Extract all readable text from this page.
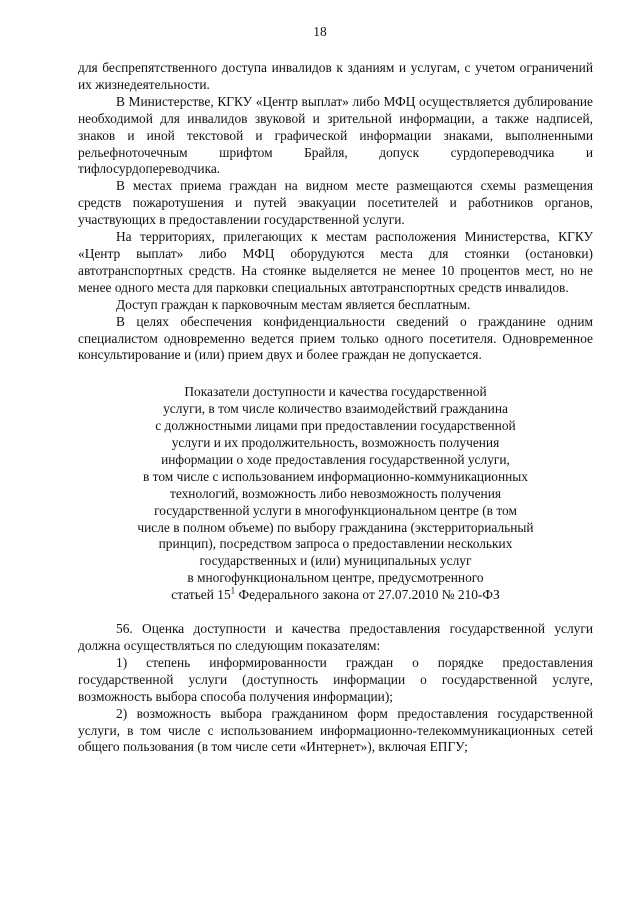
18

для беспрепятственного доступа инвалидов к зданиям и услугам, с учетом ограничений их жизнедеятельности.

В Министерстве, КГКУ «Центр выплат» либо МФЦ осуществляется дублирование необходимой для инвалидов звуковой и зрительной информации, а также надписей, знаков и иной текстовой и графической информации знаками, выполненными рельефноточечным шрифтом Брайля, допуск сурдопереводчика и тифлосурдопереводчика.

В местах приема граждан на видном месте размещаются схемы размещения средств пожаротушения и путей эвакуации посетителей и работников органов, участвующих в предоставлении государственной услуги.

На территориях, прилегающих к местам расположения Министерства, КГКУ «Центр выплат» либо МФЦ оборудуются места для стоянки (остановки) автотранспортных средств. На стоянке выделяется не менее 10 процентов мест, но не менее одного места для парковки специальных автотранспортных средств инвалидов.

Доступ граждан к парковочным местам является бесплатным.

В целях обеспечения конфиденциальности сведений о гражданине одним специалистом одновременно ведется прием только одного посетителя. Одновременное консультирование и (или) прием двух и более граждан не допускается.

Показатели доступности и качества государственной
услуги, в том числе количество взаимодействий гражданина
с должностными лицами при предоставлении государственной
услуги и их продолжительность, возможность получения
информации о ходе предоставления государственной услуги,
в том числе с использованием информационно-коммуникационных
технологий, возможность либо невозможность получения
государственной услуги в многофункциональном центре (в том
числе в полном объеме) по выбору гражданина (экстерриториальный
принцип), посредством запроса о предоставлении нескольких
государственных и (или) муниципальных услуг
в многофункциональном центре, предусмотренного
статьей $15^1$ Федерального закона от 27.07.2010 № 210-ФЗ

56. Оценка доступности и качества предоставления государственной услуги должна осуществляться по следующим показателям:

1) степень информированности граждан о порядке предоставления государственной услуги (доступность информации о государственной услуге, возможность выбора способа получения информации);

2) возможность выбора гражданином форм предоставления государственной услуги, в том числе с использованием информационно-телекоммуникационных сетей общего пользования (в том числе сети «Интернет»), включая ЕПГУ;
